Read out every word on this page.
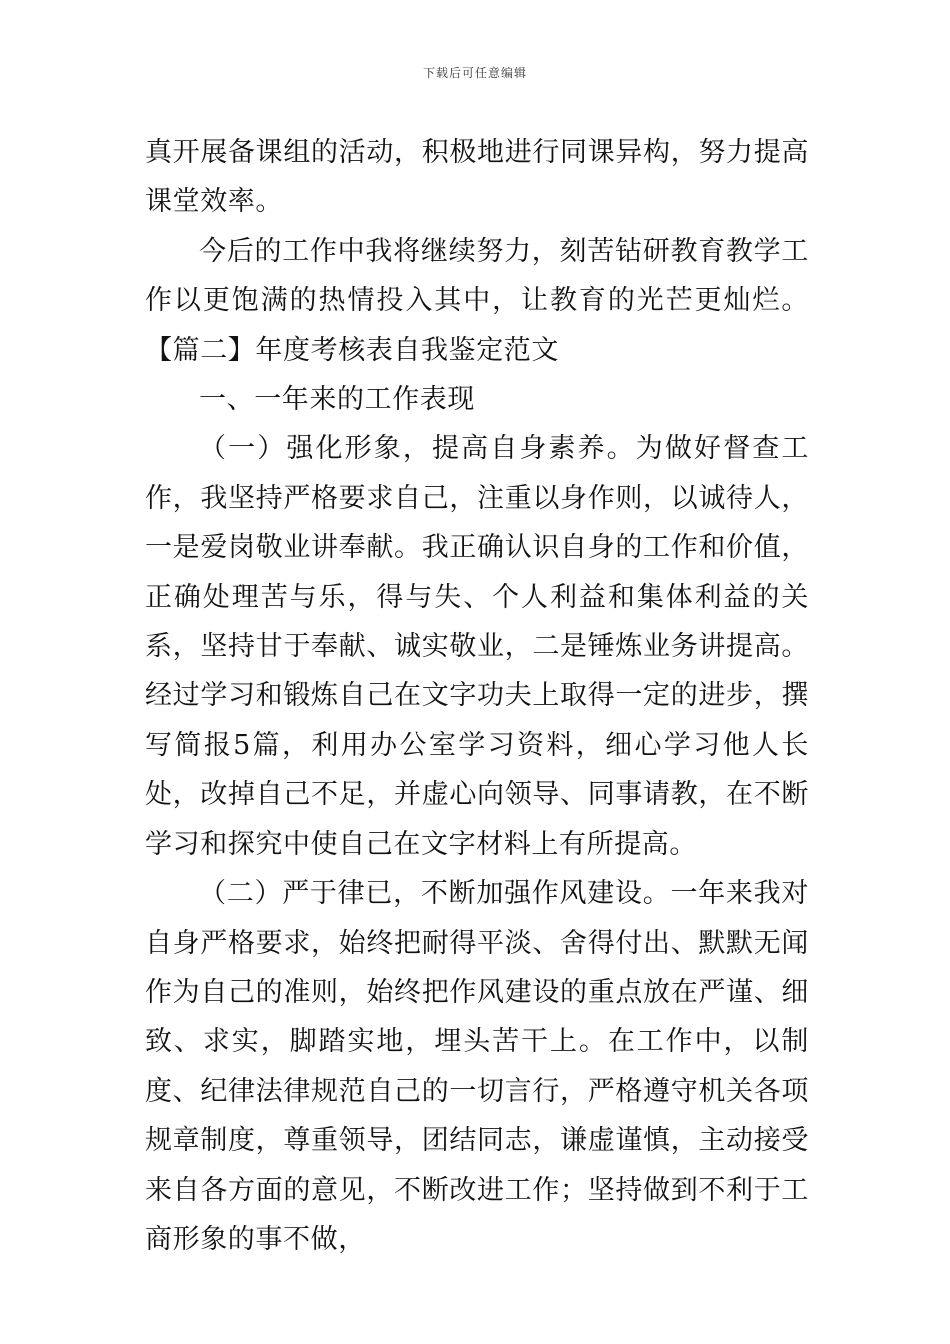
下载后可任意编辑

真开展备课组的活动，积极地进行同课异构，努力提高课堂效率。

今后的工作中我将继续努力，刻苦钻研教育教学工作以更饱满的热情投入其中，让教育的光芒更灿烂。【篇二】年度考核表自我鉴定范文

一、一年来的工作表现

（一）强化形象，提高自身素养。为做好督查工作，我坚持严格要求自己，注重以身作则，以诚待人，一是爱岗敬业讲奉献。我正确认识自身的工作和价值，正确处理苦与乐，得与失、个人利益和集体利益的关系，坚持甘于奉献、诚实敬业，二是锤炼业务讲提高。经过学习和锻炼自己在文字功夫上取得一定的进步，撰写简报5篇，利用办公室学习资料，细心学习他人长处，改掉自己不足，并虚心向领导、同事请教，在不断学习和探究中使自己在文字材料上有所提高。

（二）严于律已，不断加强作风建设。一年来我对自身严格要求，始终把耐得平淡、舍得付出、默默无闻作为自己的准则，始终把作风建设的重点放在严谨、细致、求实，脚踏实地，埋头苦干上。在工作中，以制度、纪律法律规范自己的一切言行，严格遵守机关各项规章制度，尊重领导，团结同志，谦虚谨慎，主动接受来自各方面的意见，不断改进工作；坚持做到不利于工商形象的事不做，
